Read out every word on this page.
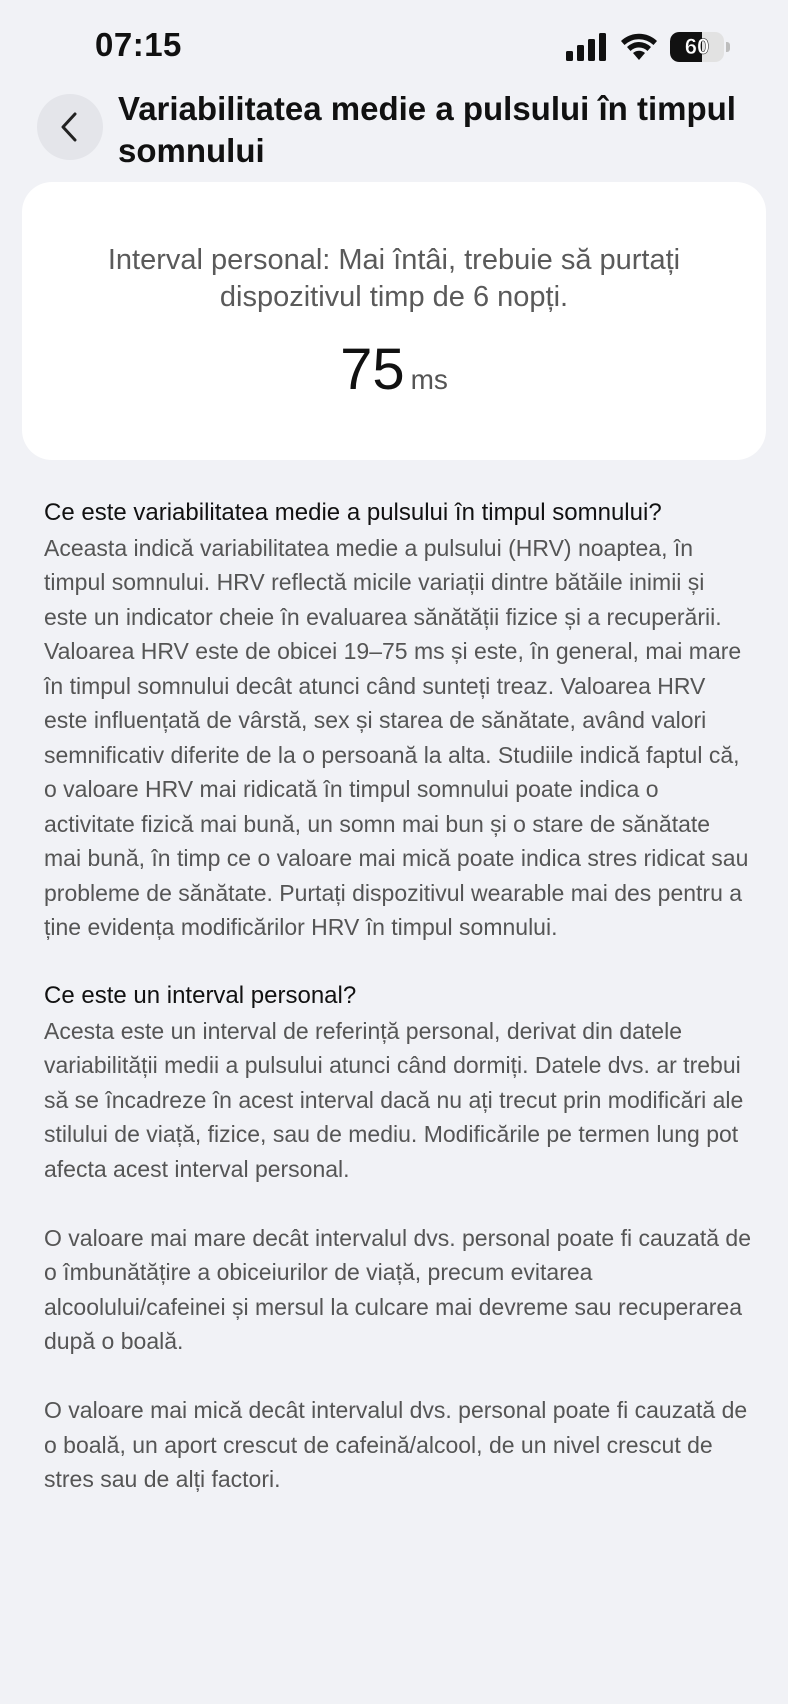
07:15	60
Variabilitatea medie a pulsului în timpul somnului
Interval personal: Mai întâi, trebuie să purtați dispozitivul timp de 6 nopți.
75 ms
Ce este variabilitatea medie a pulsului în timpul somnului?
Aceasta indică variabilitatea medie a pulsului (HRV) noaptea, în timpul somnului. HRV reflectă micile variații dintre bătăile inimii și este un indicator cheie în evaluarea sănătății fizice și a recuperării. Valoarea HRV este de obicei 19–75 ms și este, în general, mai mare în timpul somnului decât atunci când sunteți treaz. Valoarea HRV este influențată de vârstă, sex și starea de sănătate, având valori semnificativ diferite de la o persoană la alta. Studiile indică faptul că, o valoare HRV mai ridicată în timpul somnului poate indica o activitate fizică mai bună, un somn mai bun și o stare de sănătate mai bună, în timp ce o valoare mai mică poate indica stres ridicat sau probleme de sănătate. Purtați dispozitivul wearable mai des pentru a ține evidența modificărilor HRV în timpul somnului.
Ce este un interval personal?
Acesta este un interval de referință personal, derivat din datele variabilității medii a pulsului atunci când dormiți. Datele dvs. ar trebui să se încadreze în acest interval dacă nu ați trecut prin modificări ale stilului de viață, fizice, sau de mediu. Modificările pe termen lung pot afecta acest interval personal.
O valoare mai mare decât intervalul dvs. personal poate fi cauzată de o îmbunătățire a obiceiurilor de viață, precum evitarea alcoolului/cafeinei și mersul la culcare mai devreme sau recuperarea după o boală.
O valoare mai mică decât intervalul dvs. personal poate fi cauzată de o boală, un aport crescut de cafeină/alcool, de un nivel crescut de stres sau de alți factori.
